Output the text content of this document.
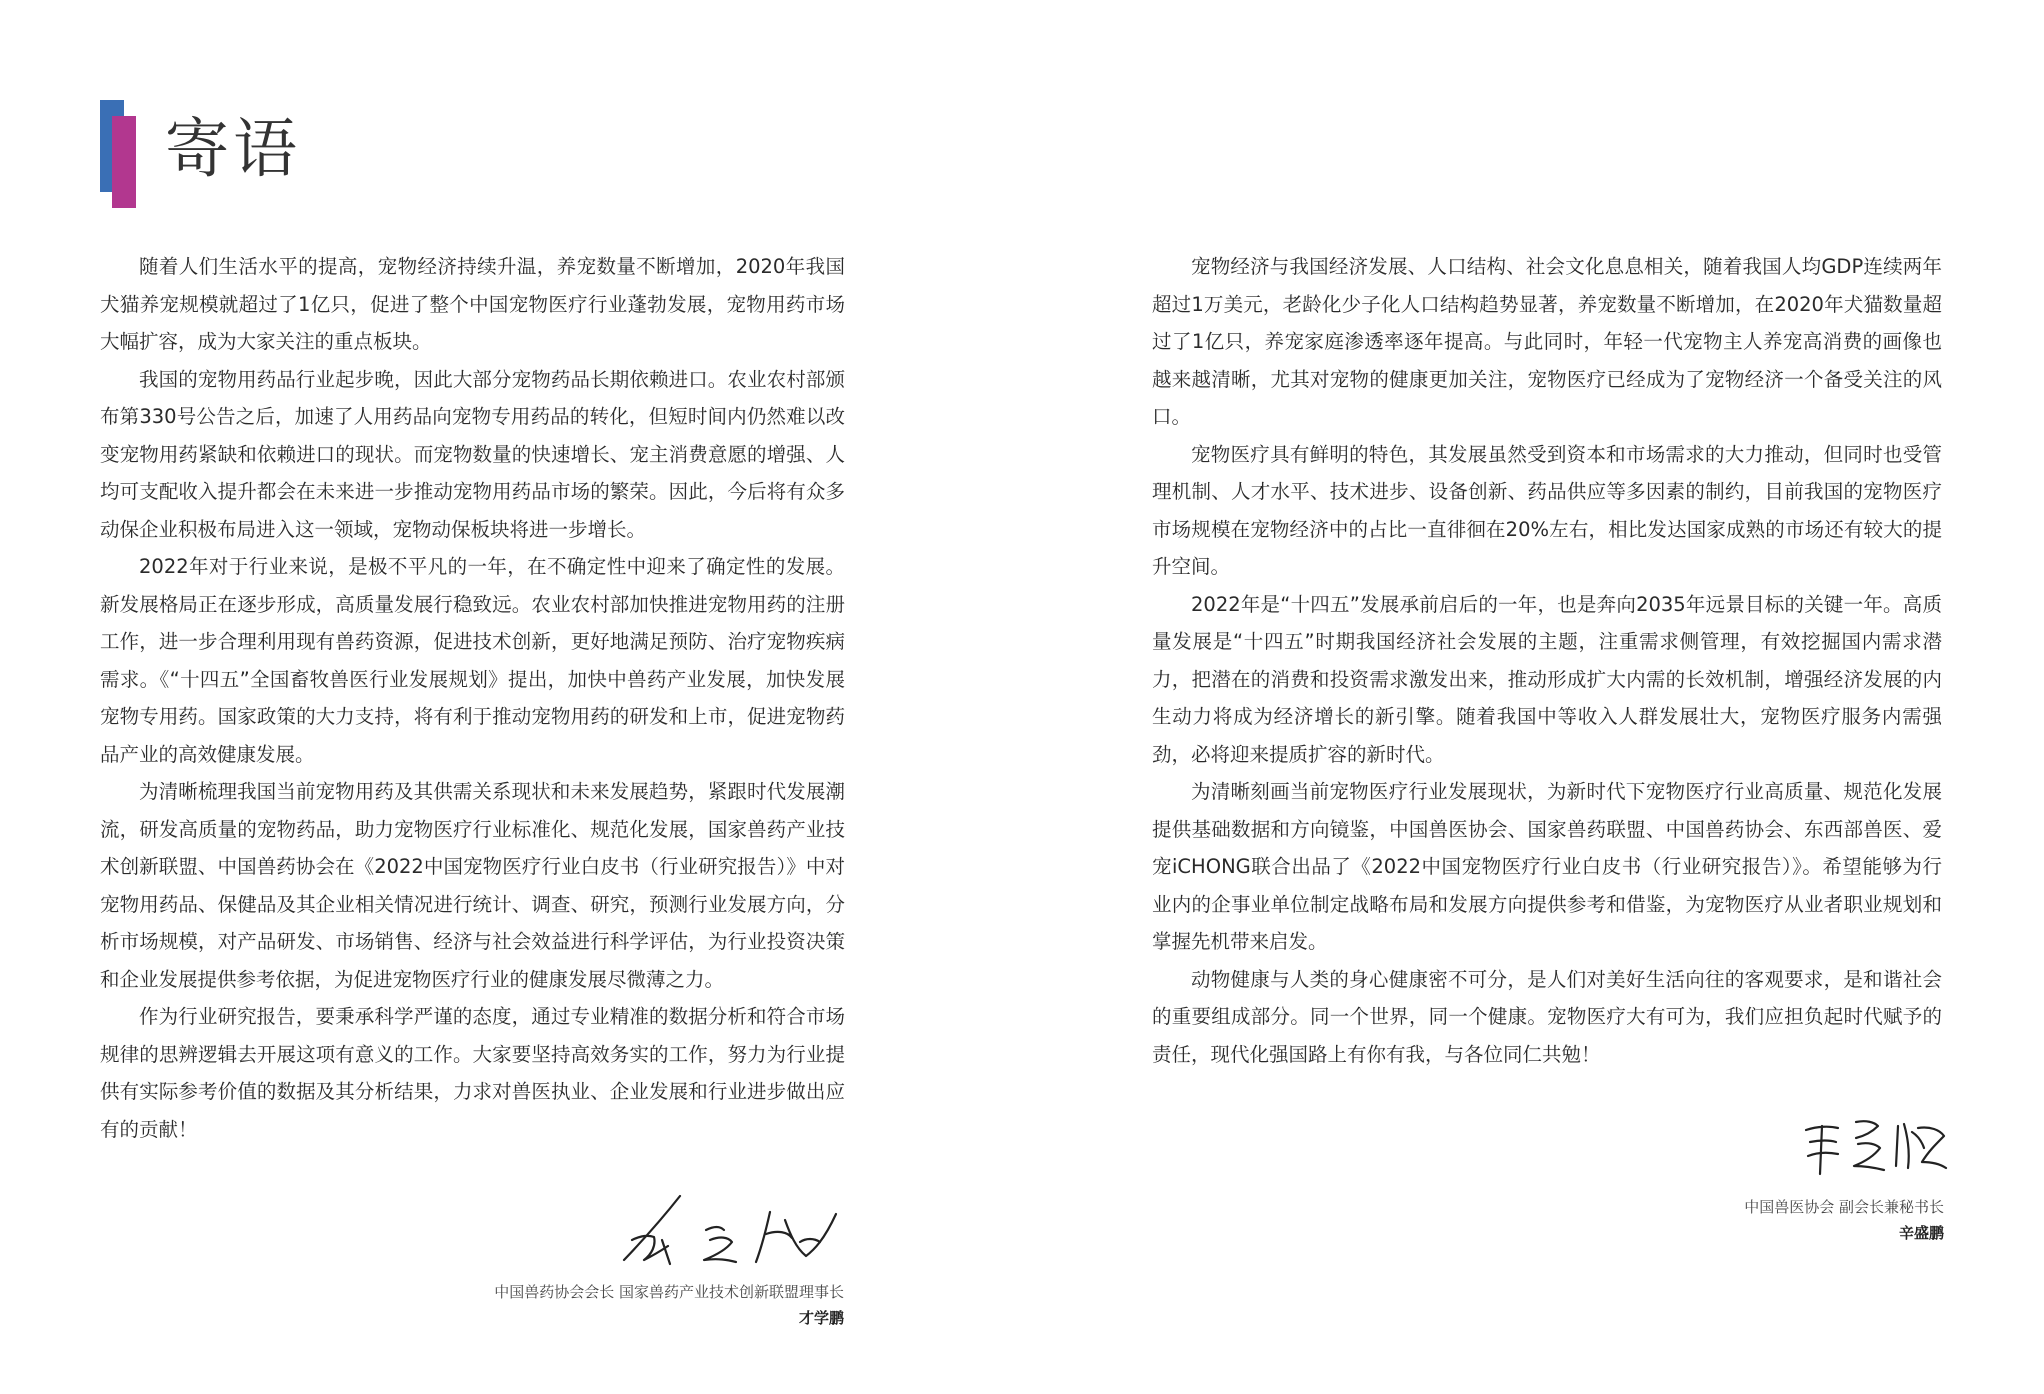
寄语

随着人们生活水平的提高，宠物经济持续升温，养宠数量不断增加，2020年我国犬猫养宠规模就超过了1亿只，促进了整个中国宠物医疗行业蓬勃发展，宠物用药市场大幅扩容，成为大家关注的重点板块。

我国的宠物用药品行业起步晚，因此大部分宠物药品长期依赖进口。农业农村部颁布第330号公告之后，加速了人用药品向宠物专用药品的转化，但短时间内仍然难以改变宠物用药紧缺和依赖进口的现状。而宠物数量的快速增长、宠主消费意愿的增强、人均可支配收入提升都会在未来进一步推动宠物用药品市场的繁荣。因此，今后将有众多动保企业积极布局进入这一领域，宠物动保板块将进一步增长。

2022年对于行业来说，是极不平凡的一年，在不确定性中迎来了确定性的发展。新发展格局正在逐步形成，高质量发展行稳致远。农业农村部加快推进宠物用药的注册工作，进一步合理利用现有兽药资源，促进技术创新，更好地满足预防、治疗宠物疾病需求。《“十四五”全国畜牧兽医行业发展规划》提出，加快中兽药产业发展，加快发展宠物专用药。国家政策的大力支持，将有利于推动宠物用药的研发和上市，促进宠物药品产业的高效健康发展。

为清晰梳理我国当前宠物用药及其供需关系现状和未来发展趋势，紧跟时代发展潮流，研发高质量的宠物药品，助力宠物医疗行业标准化、规范化发展，国家兽药产业技术创新联盟、中国兽药协会在《2022中国宠物医疗行业白皮书（行业研究报告）》中对宠物用药品、保健品及其企业相关情况进行统计、调查、研究，预测行业发展方向，分析市场规模，对产品研发、市场销售、经济与社会效益进行科学评估，为行业投资决策和企业发展提供参考依据，为促进宠物医疗行业的健康发展尽微薄之力。

作为行业研究报告，要秉承科学严谨的态度，通过专业精准的数据分析和符合市场规律的思辨逻辑去开展这项有意义的工作。大家要坚持高效务实的工作，努力为行业提供有实际参考价值的数据及其分析结果，力求对兽医执业、企业发展和行业进步做出应有的贡献！

宠物经济与我国经济发展、人口结构、社会文化息息相关，随着我国人均GDP连续两年超过1万美元，老龄化少子化人口结构趋势显著，养宠数量不断增加，在2020年犬猫数量超过了1亿只，养宠家庭渗透率逐年提高。与此同时，年轻一代宠物主人养宠高消费的画像也越来越清晰，尤其对宠物的健康更加关注，宠物医疗已经成为了宠物经济一个备受关注的风口。

宠物医疗具有鲜明的特色，其发展虽然受到资本和市场需求的大力推动，但同时也受管理机制、人才水平、技术进步、设备创新、药品供应等多因素的制约，目前我国的宠物医疗市场规模在宠物经济中的占比一直徘徊在20%左右，相比发达国家成熟的市场还有较大的提升空间。

2022年是“十四五”发展承前启后的一年，也是奔向2035年远景目标的关键一年。高质量发展是“十四五”时期我国经济社会发展的主题，注重需求侧管理，有效挖掘国内需求潜力，把潜在的消费和投资需求激发出来，推动形成扩大内需的长效机制，增强经济发展的内生动力将成为经济增长的新引擎。随着我国中等收入人群发展壮大，宠物医疗服务内需强劲，必将迎来提质扩容的新时代。

为清晰刻画当前宠物医疗行业发展现状，为新时代下宠物医疗行业高质量、规范化发展提供基础数据和方向镜鉴，中国兽医协会、国家兽药联盟、中国兽药协会、东西部兽医、爱宠iCHONG联合出品了《2022中国宠物医疗行业白皮书（行业研究报告）》。希望能够为行业内的企事业单位制定战略布局和发展方向提供参考和借鉴，为宠物医疗从业者职业规划和掌握先机带来启发。

动物健康与人类的身心健康密不可分，是人们对美好生活向往的客观要求，是和谐社会的重要组成部分。同一个世界，同一个健康。宠物医疗大有可为，我们应担负起时代赋予的责任，现代化强国路上有你有我，与各位同仁共勉！

中国兽药协会会长 国家兽药产业技术创新联盟理事长
才学鹏
中国兽医协会 副会长兼秘书长
辛盛鹏
